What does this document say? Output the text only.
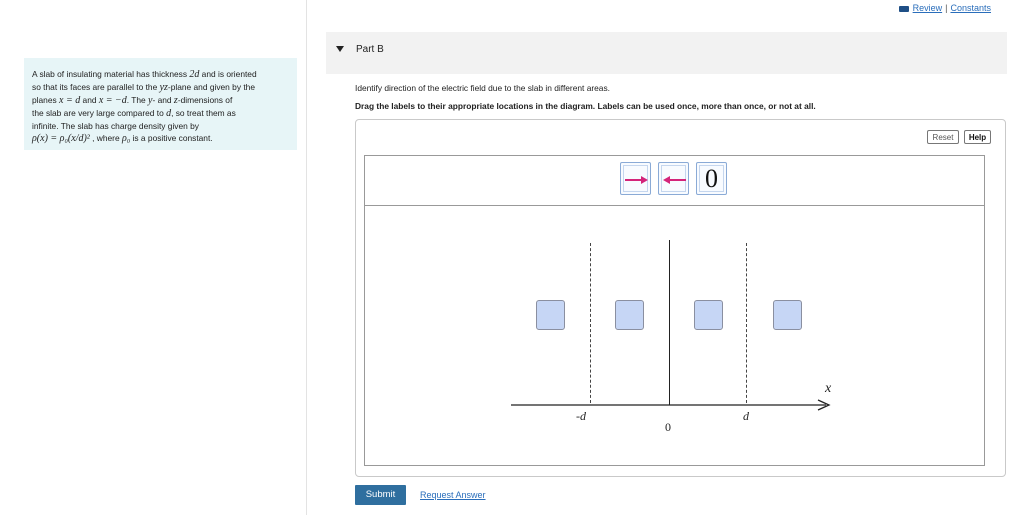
A slab of insulating material has thickness 2d and is oriented
so that its faces are parallel to the yz-plane and given by the
planes x = d and x = −d. The y- and z-dimensions of
the slab are very large compared to d, so treat them as
infinite. The slab has charge density given by
ρ(x) = ρ₀(x/d)² , where ρ₀ is a positive constant.
Review | Constants
Part B
Identify direction of the electric field due to the slab in different areas.
Drag the labels to their appropriate locations in the diagram. Labels can be used once, more than once, or not at all.
Reset	Help
0
-d
0
d
x
Submit	Request Answer
